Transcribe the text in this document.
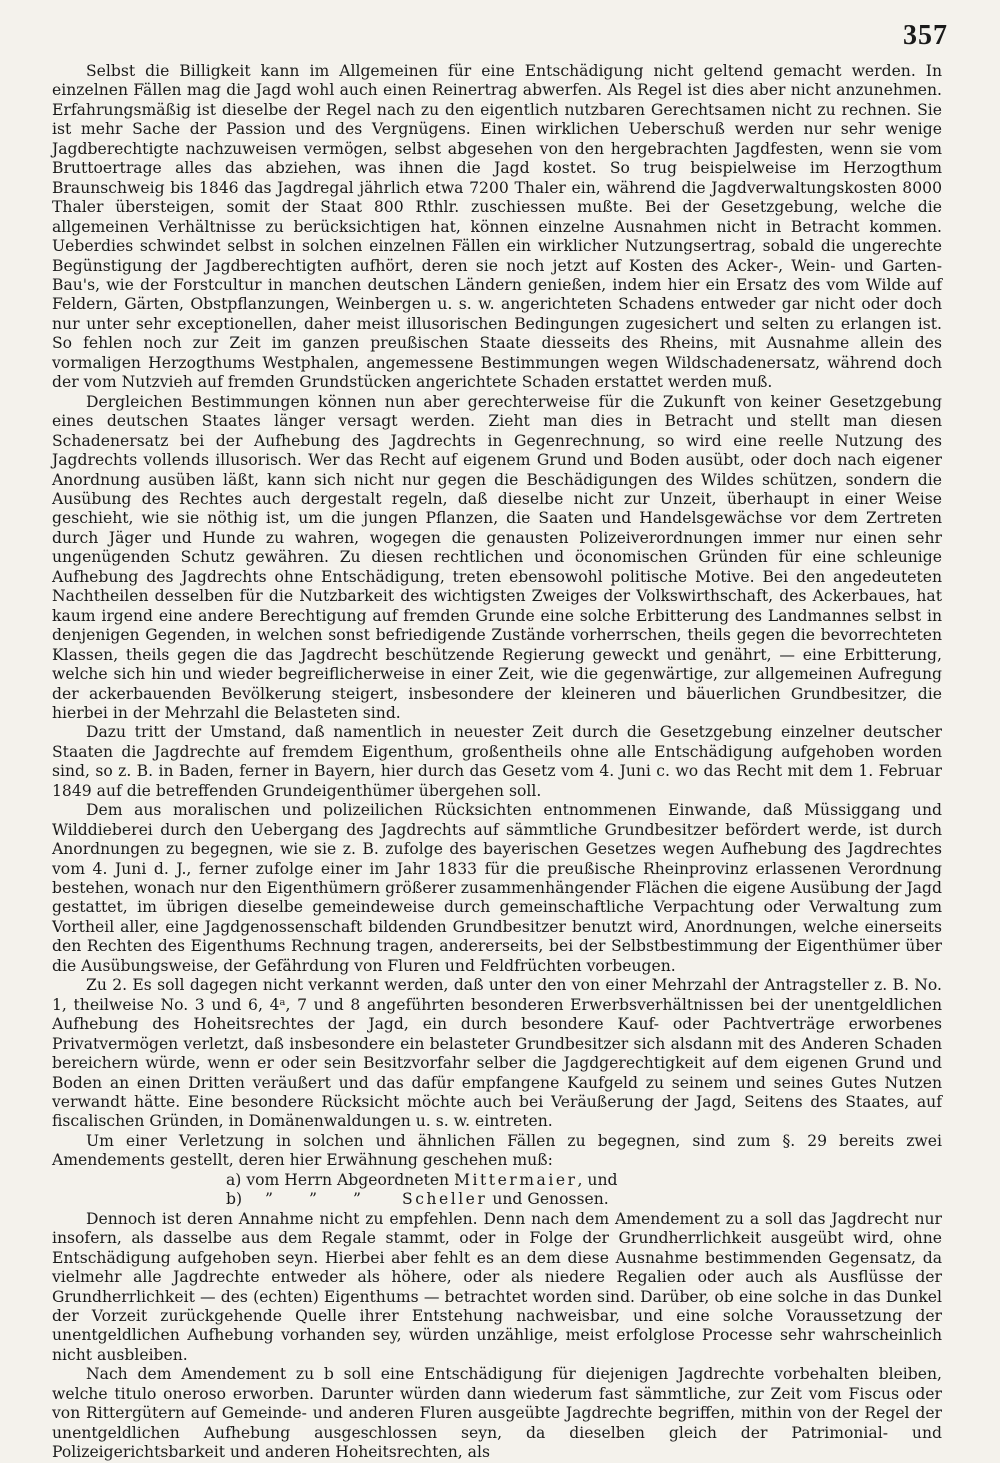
357

Selbst die Billigkeit kann im Allgemeinen für eine Entschädigung nicht geltend gemacht werden. In einzelnen Fällen mag die Jagd wohl auch einen Reinertrag abwerfen. Als Regel ist dies aber nicht anzunehmen. Erfahrungsmäßig ist dieselbe der Regel nach zu den eigentlich nutzbaren Gerechtsamen nicht zu rechnen. Sie ist mehr Sache der Passion und des Vergnügens. Einen wirklichen Ueberschuß werden nur sehr wenige Jagdberechtigte nachzuweisen vermögen, selbst abgesehen von den hergebrachten Jagdfesten, wenn sie vom Bruttoertrage alles das abziehen, was ihnen die Jagd kostet. So trug beispielweise im Herzogthum Braunschweig bis 1846 das Jagdregal jährlich etwa 7200 Thaler ein, während die Jagdverwaltungskosten 8000 Thaler übersteigen, somit der Staat 800 Rthlr. zuschiessen mußte. Bei der Gesetzgebung, welche die allgemeinen Verhältnisse zu berücksichtigen hat, können einzelne Ausnahmen nicht in Betracht kommen. Ueberdies schwindet selbst in solchen einzelnen Fällen ein wirklicher Nutzungsertrag, sobald die ungerechte Begünstigung der Jagdberechtigten aufhört, deren sie noch jetzt auf Kosten des Acker-, Wein- und Garten-Bau's, wie der Forstcultur in manchen deutschen Ländern genießen, indem hier ein Ersatz des vom Wilde auf Feldern, Gärten, Obstpflanzungen, Weinbergen u. s. w. angerichteten Schadens entweder gar nicht oder doch nur unter sehr exceptionellen, daher meist illusorischen Bedingungen zugesichert und selten zu erlangen ist. So fehlen noch zur Zeit im ganzen preußischen Staate diesseits des Rheins, mit Ausnahme allein des vormaligen Herzogthums Westphalen, angemessene Bestimmungen wegen Wildschadenersatz, während doch der vom Nutzvieh auf fremden Grundstücken angerichtete Schaden erstattet werden muß.

Dergleichen Bestimmungen können nun aber gerechterweise für die Zukunft von keiner Gesetzgebung eines deutschen Staates länger versagt werden. Zieht man dies in Betracht und stellt man diesen Schadenersatz bei der Aufhebung des Jagdrechts in Gegenrechnung, so wird eine reelle Nutzung des Jagdrechts vollends illusorisch. Wer das Recht auf eigenem Grund und Boden ausübt, oder doch nach eigener Anordnung ausüben läßt, kann sich nicht nur gegen die Beschädigungen des Wildes schützen, sondern die Ausübung des Rechtes auch dergestalt regeln, daß dieselbe nicht zur Unzeit, überhaupt in einer Weise geschieht, wie sie nöthig ist, um die jungen Pflanzen, die Saaten und Handelsgewächse vor dem Zertreten durch Jäger und Hunde zu wahren, wogegen die genausten Polizeiverordnungen immer nur einen sehr ungenügenden Schutz gewähren. Zu diesen rechtlichen und öconomischen Gründen für eine schleunige Aufhebung des Jagdrechts ohne Entschädigung, treten ebensowohl politische Motive. Bei den angedeuteten Nachtheilen desselben für die Nutzbarkeit des wichtigsten Zweiges der Volkswirthschaft, des Ackerbaues, hat kaum irgend eine andere Berechtigung auf fremden Grunde eine solche Erbitterung des Landmannes selbst in denjenigen Gegenden, in welchen sonst befriedigende Zustände vorherrschen, theils gegen die bevorrechteten Klassen, theils gegen die das Jagdrecht beschützende Regierung geweckt und genährt, — eine Erbitterung, welche sich hin und wieder begreiflicherweise in einer Zeit, wie die gegenwärtige, zur allgemeinen Aufregung der ackerbauenden Bevölkerung steigert, insbesondere der kleineren und bäuerlichen Grundbesitzer, die hierbei in der Mehrzahl die Belasteten sind.

Dazu tritt der Umstand, daß namentlich in neuester Zeit durch die Gesetzgebung einzelner deutscher Staaten die Jagdrechte auf fremdem Eigenthum, großentheils ohne alle Entschädigung aufgehoben worden sind, so z. B. in Baden, ferner in Bayern, hier durch das Gesetz vom 4. Juni c. wo das Recht mit dem 1. Februar 1849 auf die betreffenden Grundeigenthümer übergehen soll.

Dem aus moralischen und polizeilichen Rücksichten entnommenen Einwande, daß Müssiggang und Wilddieberei durch den Uebergang des Jagdrechts auf sämmtliche Grundbesitzer befördert werde, ist durch Anordnungen zu begegnen, wie sie z. B. zufolge des bayerischen Gesetzes wegen Aufhebung des Jagdrechtes vom 4. Juni d. J., ferner zufolge einer im Jahr 1833 für die preußische Rheinprovinz erlassenen Verordnung bestehen, wonach nur den Eigenthümern größerer zusammenhängender Flächen die eigene Ausübung der Jagd gestattet, im übrigen dieselbe gemeindeweise durch gemeinschaftliche Verpachtung oder Verwaltung zum Vortheil aller, eine Jagdgenossenschaft bildenden Grundbesitzer benutzt wird, Anordnungen, welche einerseits den Rechten des Eigenthums Rechnung tragen, andererseits, bei der Selbstbestimmung der Eigenthümer über die Ausübungsweise, der Gefährdung von Fluren und Feldfrüchten vorbeugen.

Zu 2. Es soll dagegen nicht verkannt werden, daß unter den von einer Mehrzahl der Antragsteller z. B. No. 1, theilweise No. 3 und 6, 4ᵃ, 7 und 8 angeführten besonderen Erwerbsverhältnissen bei der unentgeldlichen Aufhebung des Hoheitsrechtes der Jagd, ein durch besondere Kauf- oder Pachtverträge erworbenes Privatvermögen verletzt, daß insbesondere ein belasteter Grundbesitzer sich alsdann mit des Anderen Schaden bereichern würde, wenn er oder sein Besitzvorfahr selber die Jagdgerechtigkeit auf dem eigenen Grund und Boden an einen Dritten veräußert und das dafür empfangene Kaufgeld zu seinem und seines Gutes Nutzen verwandt hätte. Eine besondere Rücksicht möchte auch bei Veräußerung der Jagd, Seitens des Staates, auf fiscalischen Gründen, in Domänenwaldungen u. s. w. eintreten.

Um einer Verletzung in solchen und ähnlichen Fällen zu begegnen, sind zum §. 29 bereits zwei Amendements gestellt, deren hier Erwähnung geschehen muß:

a) vom Herrn Abgeordneten Mittermaier, und
b) ” ” ”	Scheller und Genossen.

Dennoch ist deren Annahme nicht zu empfehlen. Denn nach dem Amendement zu a soll das Jagdrecht nur insofern, als dasselbe aus dem Regale stammt, oder in Folge der Grundherrlichkeit ausgeübt wird, ohne Entschädigung aufgehoben seyn. Hierbei aber fehlt es an dem diese Ausnahme bestimmenden Gegensatz, da vielmehr alle Jagdrechte entweder als höhere, oder als niedere Regalien oder auch als Ausflüsse der Grundherrlichkeit — des (echten) Eigenthums — betrachtet worden sind. Darüber, ob eine solche in das Dunkel der Vorzeit zurückgehende Quelle ihrer Entstehung nachweisbar, und eine solche Voraussetzung der unentgeldlichen Aufhebung vorhanden sey, würden unzählige, meist erfolglose Processe sehr wahrscheinlich nicht ausbleiben.

Nach dem Amendement zu b soll eine Entschädigung für diejenigen Jagdrechte vorbehalten bleiben, welche titulo oneroso erworben. Darunter würden dann wiederum fast sämmtliche, zur Zeit vom Fiscus oder von Rittergütern auf Gemeinde- und anderen Fluren ausgeübte Jagdrechte begriffen, mithin von der Regel der unentgeldlichen Aufhebung ausgeschlossen seyn, da dieselben gleich der Patrimonial- und Polizeigerichtsbarkeit und anderen Hoheitsrechten, als
